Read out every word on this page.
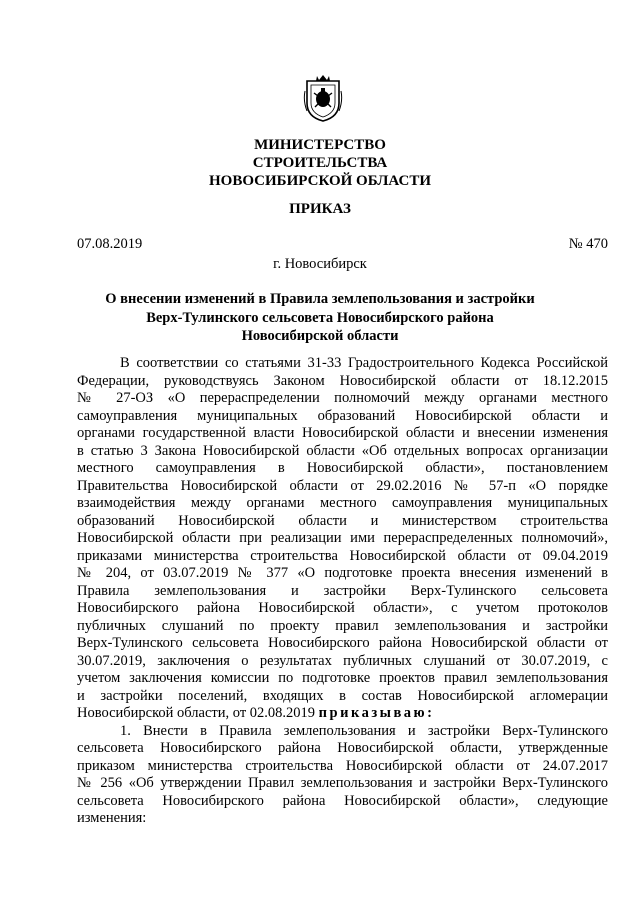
МИНИСТЕРСТВО
СТРОИТЕЛЬСТВА
НОВОСИБИРСКОЙ ОБЛАСТИ
ПРИКАЗ
07.08.2019	№ 470
г. Новосибирск
О внесении изменений в Правила землепользования и застройки
Верх-Тулинского сельсовета Новосибирского района
Новосибирской области
В соответствии со статьями 31-33 Градостроительного Кодекса Российской
Федерации, руководствуясь Законом Новосибирской области от 18.12.2015
№ 27-ОЗ «О перераспределении полномочий между органами местного
самоуправления муниципальных образований Новосибирской области и
органами государственной власти Новосибирской области и внесении изменения
в статью 3 Закона Новосибирской области «Об отдельных вопросах организации
местного самоуправления в Новосибирской области», постановлением
Правительства Новосибирской области от 29.02.2016 № 57-п «О порядке
взаимодействия между органами местного самоуправления муниципальных
образований Новосибирской области и министерством строительства
Новосибирской области при реализации ими перераспределенных полномочий»,
приказами министерства строительства Новосибирской области от 09.04.2019
№ 204, от 03.07.2019 № 377 «О подготовке проекта внесения изменений в
Правила землепользования и застройки Верх-Тулинского сельсовета
Новосибирского района Новосибирской области», с учетом протоколов
публичных слушаний по проекту правил землепользования и застройки
Верх-Тулинского сельсовета Новосибирского района Новосибирской области от
30.07.2019, заключения о результатах публичных слушаний от 30.07.2019, с
учетом заключения комиссии по подготовке проектов правил землепользования
и застройки поселений, входящих в состав Новосибирской агломерации
Новосибирской области, от 02.08.2019 приказываю:
1. Внести в Правила землепользования и застройки Верх-Тулинского
сельсовета Новосибирского района Новосибирской области, утвержденные
приказом министерства строительства Новосибирской области от 24.07.2017
№ 256 «Об утверждении Правил землепользования и застройки Верх-Тулинского
сельсовета Новосибирского района Новосибирской области», следующие
изменения:
